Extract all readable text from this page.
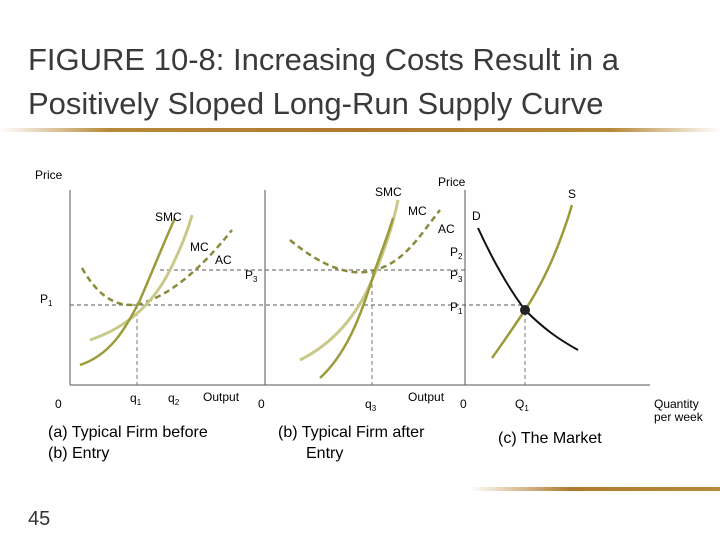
FIGURE 10-8: Increasing Costs Result in a Positively Sloped Long-Run Supply Curve
Price
SMC
MC
AC
$P_1$
$P_3$
0	$q_1$ $q_2$ Output
(a) Typical Firm before
(b) Entry
Price
SMC
MC
AC
0	$q_3$
Output
(b) Typical Firm after
Entry
S
D
$P_2$
$P_3$
$P_1$
0	$Q_1$	Quantity
per week
(c) The Market
45
